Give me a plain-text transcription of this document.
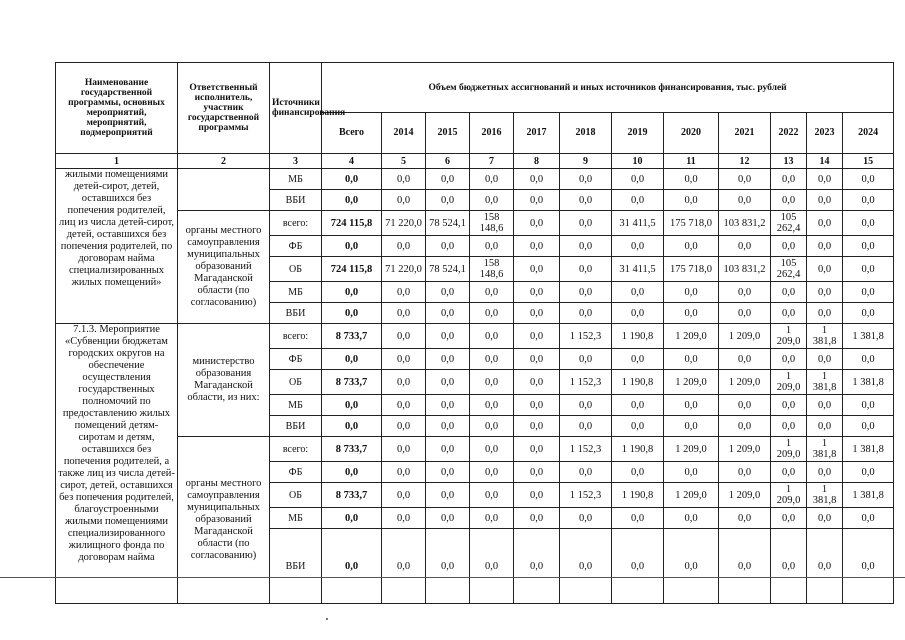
Наименование государственной программы, основных мероприятий, мероприятий, подмероприятий	Ответственный исполнитель, участник государственной программы	Источники финансирования	Объем бюджетных ассигнований и иных источников финансирования, тыс. рублей											
			Всего	2014	2015	2016	2017	2018	2019	2020	2021	2022	2023	2024
1	2	3	4	5	6	7	8	9	10	11	12	13	14	15
жилыми помещениями детей-сирот, детей, оставшихся без попечения родителей, лиц из числа детей-сирот, детей, оставшихся без попечения родителей, по договорам найма специализированных жилых помещений»		МБ	0,0	0,0	0,0	0,0	0,0	0,0	0,0	0,0	0,0	0,0	0,0	0,0
		ВБИ	0,0	0,0	0,0	0,0	0,0	0,0	0,0	0,0	0,0	0,0	0,0	0,0
	органы местного самоуправления муниципальных образований Магаданской области (по согласованию)	всего:	724 115,8	71 220,0	78 524,1	158 148,6	0,0	0,0	31 411,5	175 718,0	103 831,2	105 262,4	0,0	0,0
		ФБ	0,0	0,0	0,0	0,0	0,0	0,0	0,0	0,0	0,0	0,0	0,0	0,0
		ОБ	724 115,8	71 220,0	78 524,1	158 148,6	0,0	0,0	31 411,5	175 718,0	103 831,2	105 262,4	0,0	0,0
		МБ	0,0	0,0	0,0	0,0	0,0	0,0	0,0	0,0	0,0	0,0	0,0	0,0
		ВБИ	0,0	0,0	0,0	0,0	0,0	0,0	0,0	0,0	0,0	0,0	0,0	0,0
7.1.3. Мероприятие «Субвенции бюджетам городских округов на обеспечение осуществления государственных полномочий по предоставлению жилых помещений детям-сиротам и детям, оставшихся без попечения родителей, а также лиц из числа детей-сирот, детей, оставшихся без попечения родителей, благоустроенными жилыми помещениями специализированного жилищного фонда по договорам найма	министерство образования Магаданской области, из них:	всего:	8 733,7	0,0	0,0	0,0	0,0	1 152,3	1 190,8	1 209,0	1 209,0	1 209,0	1 381,8	1 381,8
		ФБ	0,0	0,0	0,0	0,0	0,0	0,0	0,0	0,0	0,0	0,0	0,0	0,0
		ОБ	8 733,7	0,0	0,0	0,0	0,0	1 152,3	1 190,8	1 209,0	1 209,0	1 209,0	1 381,8	1 381,8
		МБ	0,0	0,0	0,0	0,0	0,0	0,0	0,0	0,0	0,0	0,0	0,0	0,0
		ВБИ	0,0	0,0	0,0	0,0	0,0	0,0	0,0	0,0	0,0	0,0	0,0	0,0
	органы местного самоуправления муниципальных образований Магаданской области (по согласованию)	всего:	8 733,7	0,0	0,0	0,0	0,0	1 152,3	1 190,8	1 209,0	1 209,0	1 209,0	1 381,8	1 381,8
		ФБ	0,0	0,0	0,0	0,0	0,0	0,0	0,0	0,0	0,0	0,0	0,0	0,0
		ОБ	8 733,7	0,0	0,0	0,0	0,0	1 152,3	1 190,8	1 209,0	1 209,0	1 209,0	1 381,8	1 381,8
		МБ	0,0	0,0	0,0	0,0	0,0	0,0	0,0	0,0	0,0	0,0	0,0	0,0
		ВБИ	0,0	0,0	0,0	0,0	0,0	0,0	0,0	0,0	0,0	0,0	0,0	0,0
